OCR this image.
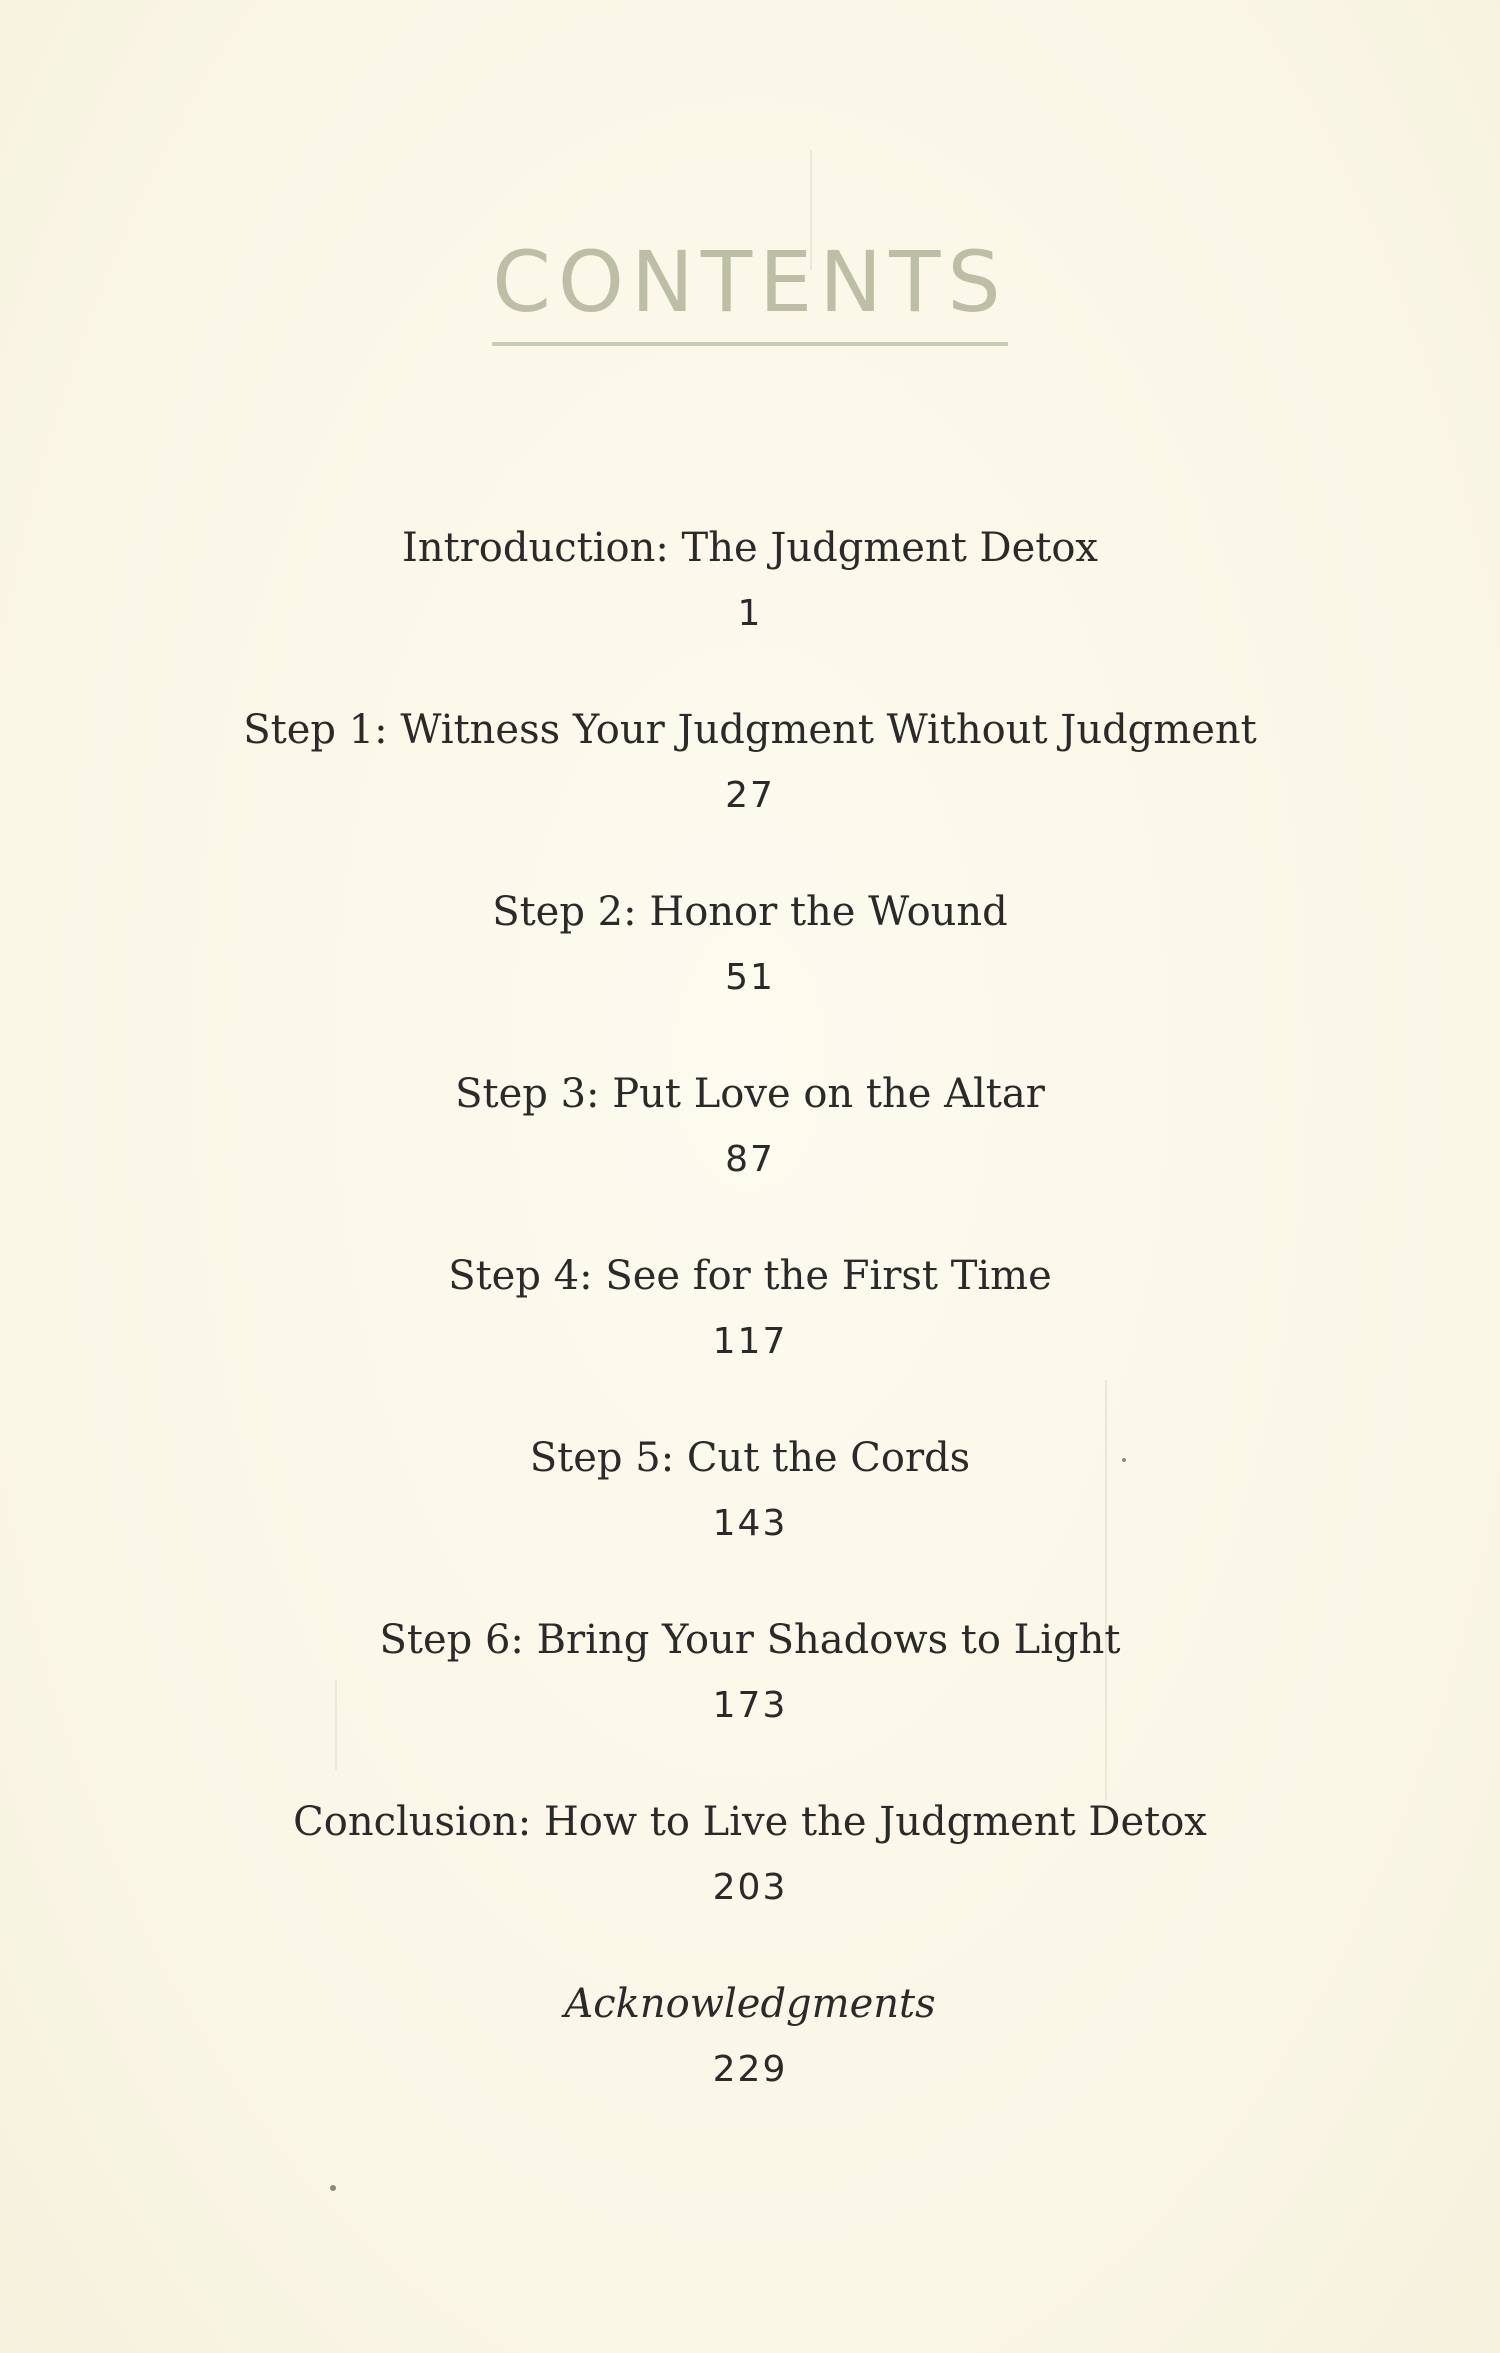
CONTENTS
Introduction: The Judgment Detox
1
Step 1: Witness Your Judgment Without Judgment
27
Step 2: Honor the Wound
51
Step 3: Put Love on the Altar
87
Step 4: See for the First Time
117
Step 5: Cut the Cords
143
Step 6: Bring Your Shadows to Light
173
Conclusion: How to Live the Judgment Detox
203
Acknowledgments
229
